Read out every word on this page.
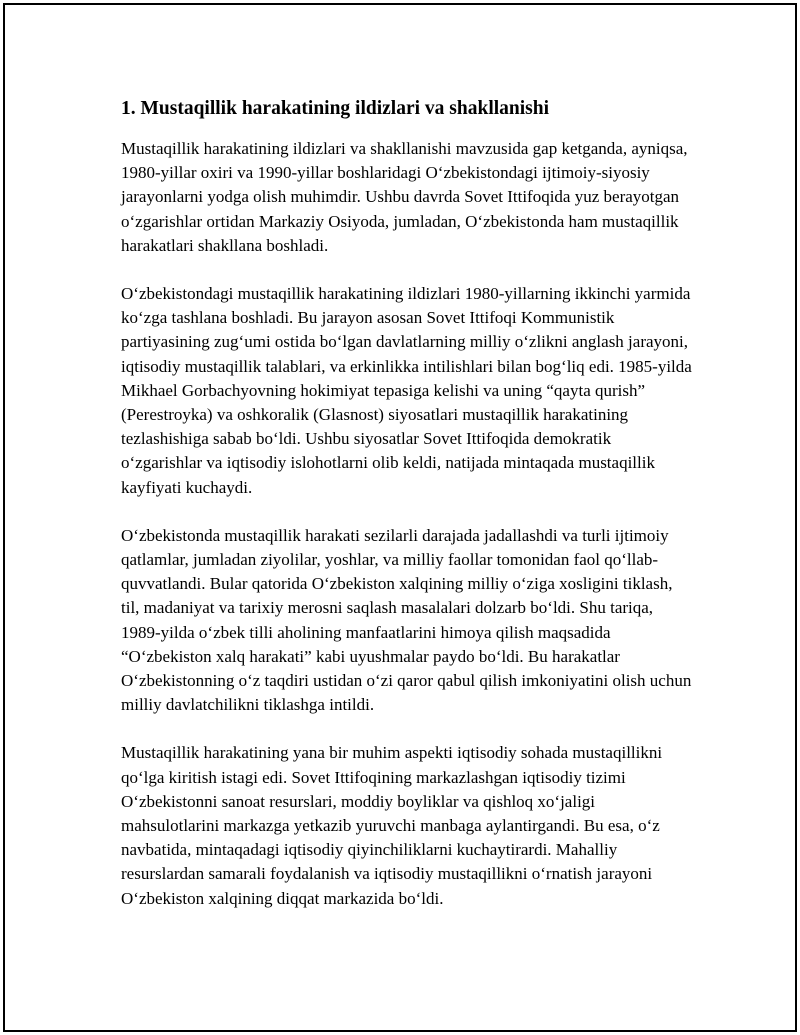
1. Mustaqillik harakatining ildizlari va shakllanishi

Mustaqillik harakatining ildizlari va shakllanishi mavzusida gap ketganda, ayniqsa, 1980-yillar oxiri va 1990-yillar boshlaridagi O‘zbekistondagi ijtimoiy-siyosiy jarayonlarni yodga olish muhimdir. Ushbu davrda Sovet Ittifoqida yuz berayotgan o‘zgarishlar ortidan Markaziy Osiyoda, jumladan, O‘zbekistonda ham mustaqillik harakatlari shakllana boshladi.

O‘zbekistondagi mustaqillik harakatining ildizlari 1980-yillarning ikkinchi yarmida ko‘zga tashlana boshladi. Bu jarayon asosan Sovet Ittifoqi Kommunistik partiyasining zug‘umi ostida bo‘lgan davlatlarning milliy o‘zlikni anglash jarayoni, iqtisodiy mustaqillik talablari, va erkinlikka intilishlari bilan bog‘liq edi. 1985-yilda Mikhael Gorbachyovning hokimiyat tepasiga kelishi va uning “qayta qurish” (Perestroyka) va oshkoralik (Glasnost) siyosatlari mustaqillik harakatining tezlashishiga sabab bo‘ldi. Ushbu siyosatlar Sovet Ittifoqida demokratik o‘zgarishlar va iqtisodiy islohotlarni olib keldi, natijada mintaqada mustaqillik kayfiyati kuchaydi.

O‘zbekistonda mustaqillik harakati sezilarli darajada jadallashdi va turli ijtimoiy qatlamlar, jumladan ziyolilar, yoshlar, va milliy faollar tomonidan faol qo‘llab-quvvatlandi. Bular qatorida O‘zbekiston xalqining milliy o‘ziga xosligini tiklash, til, madaniyat va tarixiy merosni saqlash masalalari dolzarb bo‘ldi. Shu tariqa, 1989-yilda o‘zbek tilli aholining manfaatlarini himoya qilish maqsadida “O‘zbekiston xalq harakati” kabi uyushmalar paydo bo‘ldi. Bu harakatlar O‘zbekistonning o‘z taqdiri ustidan o‘zi qaror qabul qilish imkoniyatini olish uchun milliy davlatchilikni tiklashga intildi.

Mustaqillik harakatining yana bir muhim aspekti iqtisodiy sohada mustaqillikni qo‘lga kiritish istagi edi. Sovet Ittifoqining markazlashgan iqtisodiy tizimi O‘zbekistonni sanoat resurslari, moddiy boyliklar va qishloq xo‘jaligi mahsulotlarini markazga yetkazib yuruvchi manbaga aylantirgandi. Bu esa, o‘z navbatida, mintaqadagi iqtisodiy qiyinchiliklarni kuchaytirardi. Mahalliy resurslardan samarali foydalanish va iqtisodiy mustaqillikni o‘rnatish jarayoni O‘zbekiston xalqining diqqat markazida bo‘ldi.
